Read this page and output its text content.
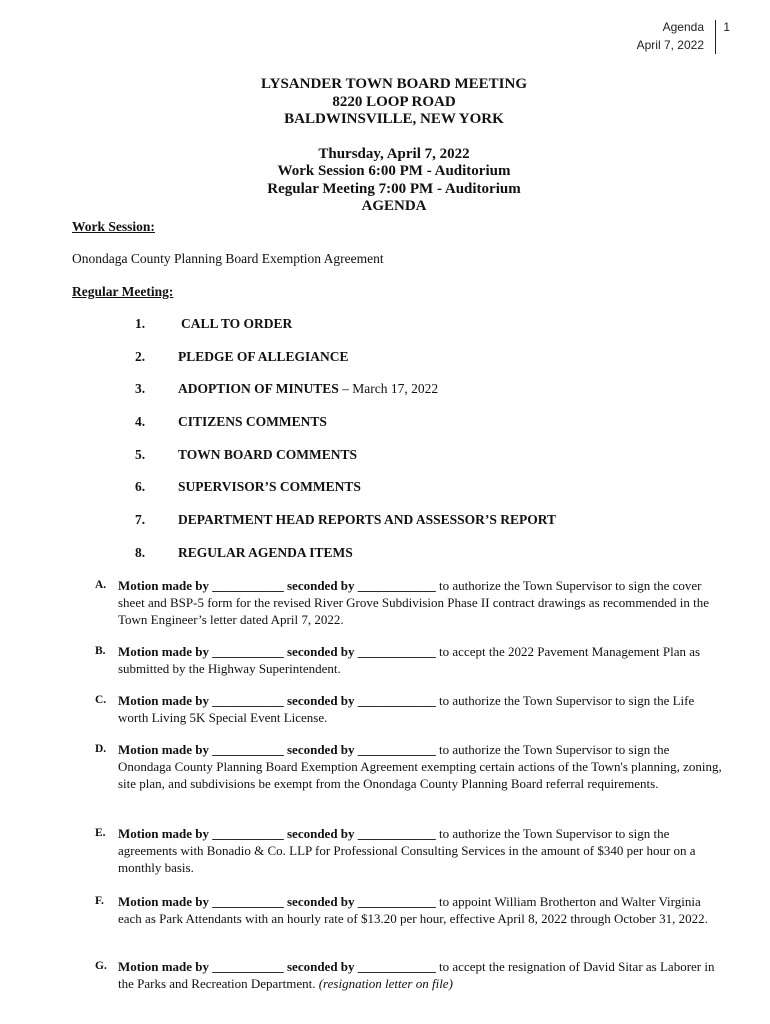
Agenda
April 7, 2022
1
LYSANDER TOWN BOARD MEETING
8220 LOOP ROAD
BALDWINSVILLE, NEW YORK
Thursday, April 7, 2022
Work Session 6:00 PM - Auditorium
Regular Meeting 7:00 PM - Auditorium
AGENDA
Work Session:
Onondaga County Planning Board Exemption Agreement
Regular Meeting:
1.	CALL TO ORDER
2. PLEDGE OF ALLEGIANCE
3. ADOPTION OF MINUTES – March 17, 2022
4. CITIZENS COMMENTS
5. TOWN BOARD COMMENTS
6. SUPERVISOR’S COMMENTS
7. DEPARTMENT HEAD REPORTS AND ASSESSOR’S REPORT
8. REGULAR AGENDA ITEMS
A. Motion made by ___________ seconded by ____________ to authorize the Town Supervisor to sign the cover sheet and BSP-5 form for the revised River Grove Subdivision Phase II contract drawings as recommended in the Town Engineer’s letter dated April 7, 2022.
B. Motion made by ___________ seconded by ____________ to accept the 2022 Pavement Management Plan as submitted by the Highway Superintendent.
C. Motion made by ___________ seconded by ____________ to authorize the Town Supervisor to sign the Life worth Living 5K Special Event License.
D. Motion made by ___________ seconded by ____________ to authorize the Town Supervisor to sign the Onondaga County Planning Board Exemption Agreement exempting certain actions of the Town's planning, zoning, site plan, and subdivisions be exempt from the Onondaga County Planning Board referral requirements.
E. Motion made by ___________ seconded by ____________ to authorize the Town Supervisor to sign the agreements with Bonadio & Co. LLP for Professional Consulting Services in the amount of $340 per hour on a monthly basis.
F. Motion made by ___________ seconded by ____________ to appoint William Brotherton and Walter Virginia each as Park Attendants with an hourly rate of $13.20 per hour, effective April 8, 2022 through October 31, 2022.
G. Motion made by ___________ seconded by ____________ to accept the resignation of David Sitar as Laborer in the Parks and Recreation Department. (resignation letter on file)
